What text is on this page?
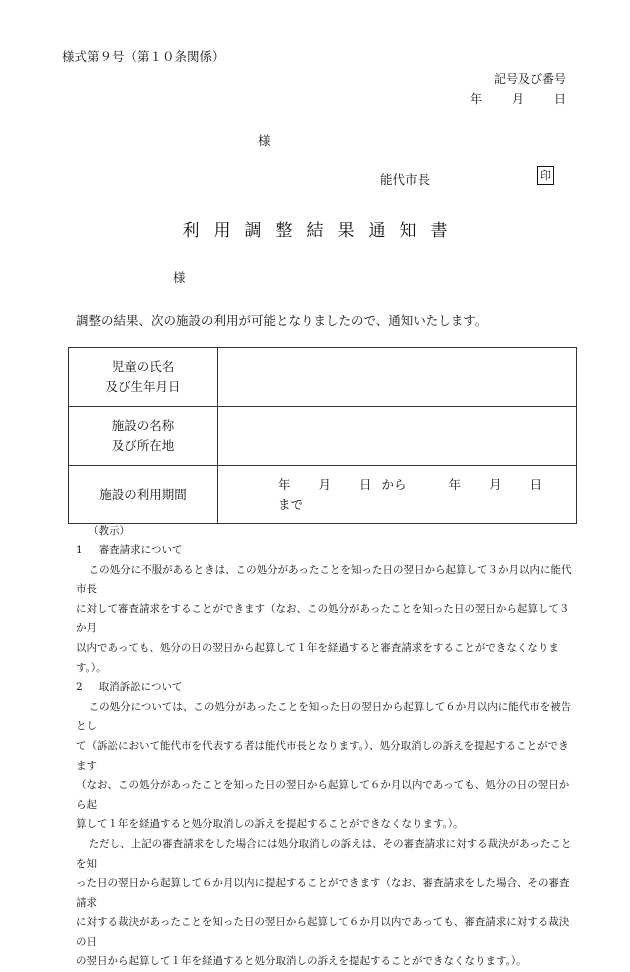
様式第９号（第１０条関係）
記号及び番号
年	月	日
様
能代市長	印
利用調整結果通知書
様
調整の結果、次の施設の利用が可能となりましたので、通知いたします。
児童の氏名
及び生年月日	

施設の名称
及び所在地	

施設の利用期間	年 月 日 から 年 月 日まで
（教示）

1 審査請求について

この処分に不服があるときは、この処分があったことを知った日の翌日から起算して３か月以内に能代市長

に対して審査請求をすることができます（なお、この処分があったことを知った日の翌日から起算して３か月

以内であっても、処分の日の翌日から起算して１年を経過すると審査請求をすることができなくなります。）。

2 取消訴訟について

この処分については、この処分があったことを知った日の翌日から起算して６か月以内に能代市を被告とし

て（訴訟において能代市を代表する者は能代市長となります。）、処分取消しの訴えを提起することができます

（なお、この処分があったことを知った日の翌日から起算して６か月以内であっても、処分の日の翌日から起

算して１年を経過すると処分取消しの訴えを提起することができなくなります。）。

ただし、上記の審査請求をした場合には処分取消しの訴えは、その審査請求に対する裁決があったことを知

った日の翌日から起算して６か月以内に提起することができます（なお、審査請求をした場合、その審査請求

に対する裁決があったことを知った日の翌日から起算して６か月以内であっても、審査請求に対する裁決の日

の翌日から起算して１年を経過すると処分取消しの訴えを提起することができなくなります。）。
